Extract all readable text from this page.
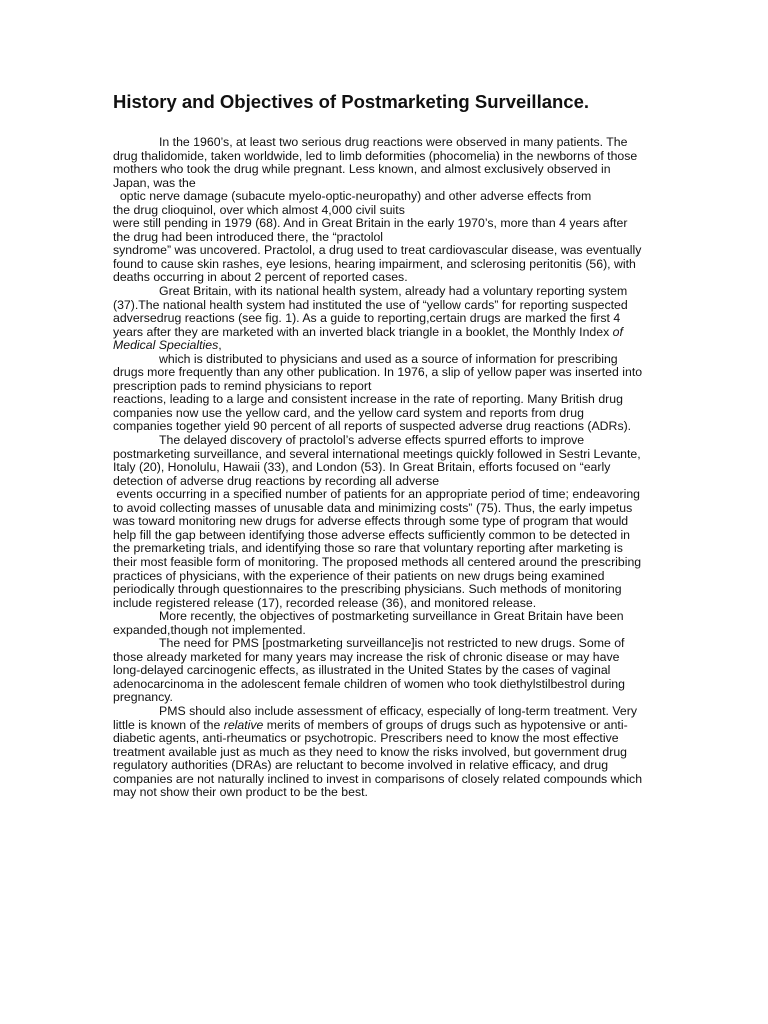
History and Objectives of Postmarketing Surveillance.
In the 1960’s, at least two serious drug reactions were observed in many patients. The
drug thalidomide, taken worldwide, led to limb deformities (phocomelia) in the newborns of those
mothers who took the drug while pregnant. Less known, and almost exclusively observed in
Japan, was the
optic nerve damage (subacute myelo-optic-neuropathy) and other adverse effects from
the drug clioquinol, over which almost 4,000 civil suits
were still pending in 1979 (68). And in Great Britain in the early 1970’s, more than 4 years after
the drug had been introduced there, the “practolol
syndrome” was uncovered. Practolol, a drug used to treat cardiovascular disease, was eventually
found to cause skin rashes, eye lesions, hearing impairment, and sclerosing peritonitis (56), with
deaths occurring in about 2 percent of reported cases.
Great Britain, with its national health system, already had a voluntary reporting system
(37).The national health system had instituted the use of “yellow cards” for reporting suspected
adversedrug reactions (see fig. 1). As a guide to reporting,certain drugs are marked the first 4
years after they are marketed with an inverted black triangle in a booklet, the Monthly Index of
Medical Specialties,
which is distributed to physicians and used as a source of information for prescribing
drugs more frequently than any other publication. In 1976, a slip of yellow paper was inserted into
prescription pads to remind physicians to report
reactions, leading to a large and consistent increase in the rate of reporting. Many British drug
companies now use the yellow card, and the yellow card system and reports from drug
companies together yield 90 percent of all reports of suspected adverse drug reactions (ADRs).
The delayed discovery of practolol’s adverse effects spurred efforts to improve
postmarketing surveillance, and several international meetings quickly followed in Sestri Levante,
Italy (20), Honolulu, Hawaii (33), and London (53). In Great Britain, efforts focused on “early
detection of adverse drug reactions by recording all adverse
events occurring in a specified number of patients for an appropriate period of time; endeavoring
to avoid collecting masses of unusable data and minimizing costs” (75). Thus, the early impetus
was toward monitoring new drugs for adverse effects through some type of program that would
help fill the gap between identifying those adverse effects sufficiently common to be detected in
the premarketing trials, and identifying those so rare that voluntary reporting after marketing is
their most feasible form of monitoring. The proposed methods all centered around the prescribing
practices of physicians, with the experience of their patients on new drugs being examined
periodically through questionnaires to the prescribing physicians. Such methods of monitoring
include registered release (17), recorded release (36), and monitored release.
More recently, the objectives of postmarketing surveillance in Great Britain have been
expanded,though not implemented.
The need for PMS [postmarketing surveillance]is not restricted to new drugs. Some of
those already marketed for many years may increase the risk of chronic disease or may have
long-delayed carcinogenic effects, as illustrated in the United States by the cases of vaginal
adenocarcinoma in the adolescent female children of women who took diethylstilbestrol during
pregnancy.
PMS should also include assessment of efficacy, especially of long-term treatment. Very
little is known of the relative merits of members of groups of drugs such as hypotensive or anti-
diabetic agents, anti-rheumatics or psychotropic. Prescribers need to know the most effective
treatment available just as much as they need to know the risks involved, but government drug
regulatory authorities (DRAs) are reluctant to become involved in relative efficacy, and drug
companies are not naturally inclined to invest in comparisons of closely related compounds which
may not show their own product to be the best.
